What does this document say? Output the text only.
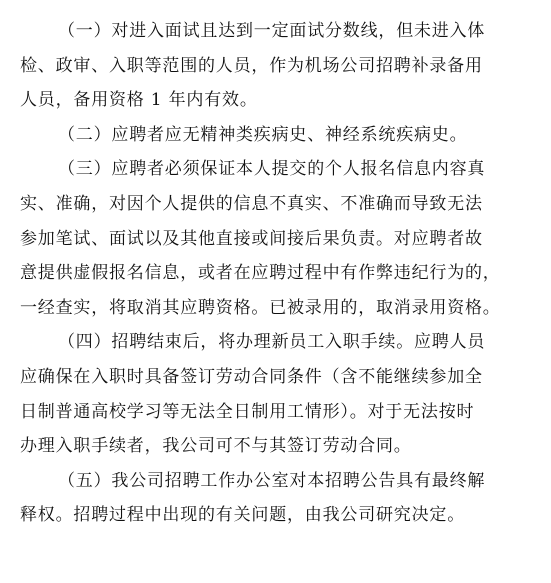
（一）对进入面试且达到一定面试分数线，但未进入体
检、政审、入职等范围的人员，作为机场公司招聘补录备用
人员，备用资格 1 年内有效。
（二）应聘者应无精神类疾病史、神经系统疾病史。
（三）应聘者必须保证本人提交的个人报名信息内容真
实、准确，对因个人提供的信息不真实、不准确而导致无法
参加笔试、面试以及其他直接或间接后果负责。对应聘者故
意提供虚假报名信息，或者在应聘过程中有作弊违纪行为的，
一经查实，将取消其应聘资格。已被录用的，取消录用资格。
（四）招聘结束后，将办理新员工入职手续。应聘人员
应确保在入职时具备签订劳动合同条件（含不能继续参加全
日制普通高校学习等无法全日制用工情形）。对于无法按时
办理入职手续者，我公司可不与其签订劳动合同。
（五）我公司招聘工作办公室对本招聘公告具有最终解
释权。招聘过程中出现的有关问题，由我公司研究决定。
